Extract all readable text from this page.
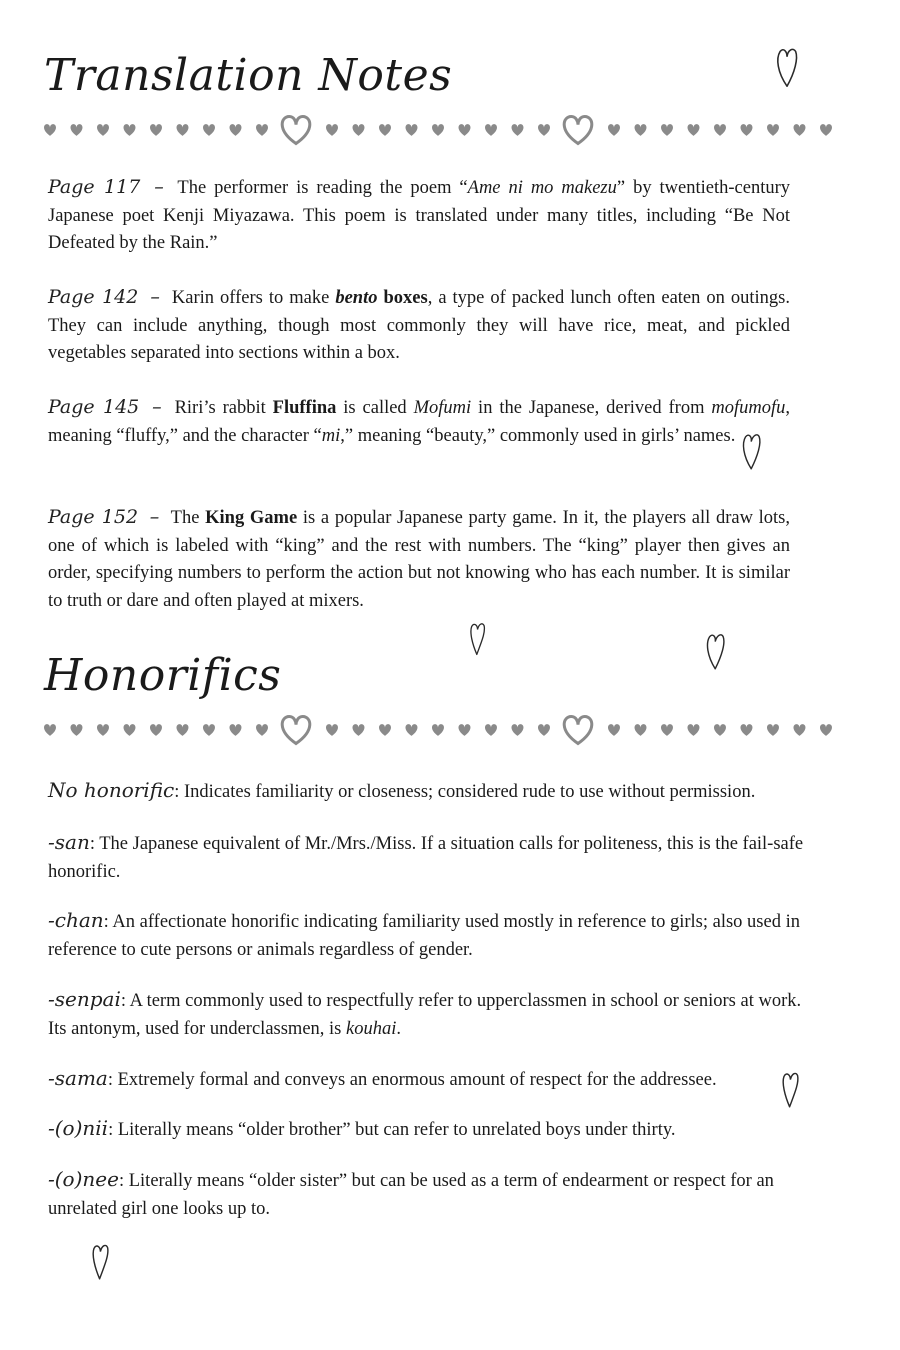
Translation Notes

Page 117 – The performer is reading the poem “Ame ni mo makezu” by twentieth-century Japanese poet Kenji Miyazawa. This poem is translated under many titles, including “Be Not Defeated by the Rain.”

Page 142 – Karin offers to make bento boxes, a type of packed lunch often eaten on outings. They can include anything, though most commonly they will have rice, meat, and pickled vegetables separated into sections within a box.

Page 145 – Riri’s rabbit Fluffina is called Mofumi in the Japanese, derived from mofumofu, meaning “fluffy,” and the character “mi,” meaning “beauty,” commonly used in girls’ names.

Page 152 – The King Game is a popular Japanese party game. In it, the players all draw lots, one of which is labeled with “king” and the rest with numbers. The “king” player then gives an order, specifying numbers to perform the action but not knowing who has each number. It is similar to truth or dare and often played at mixers.

Honorifics

No honorific: Indicates familiarity or closeness; considered rude to use without permission.

-san: The Japanese equivalent of Mr./Mrs./Miss. If a situation calls for politeness, this is the fail-safe honorific.

-chan: An affectionate honorific indicating familiarity used mostly in reference to girls; also used in reference to cute persons or animals regardless of gender.

-senpai: A term commonly used to respectfully refer to upperclassmen in school or seniors at work. Its antonym, used for underclassmen, is kouhai.

-sama: Extremely formal and conveys an enormous amount of respect for the addressee.

-(o)nii: Literally means “older brother” but can refer to unrelated boys under thirty.

-(o)nee: Literally means “older sister” but can be used as a term of endearment or respect for an unrelated girl one looks up to.
